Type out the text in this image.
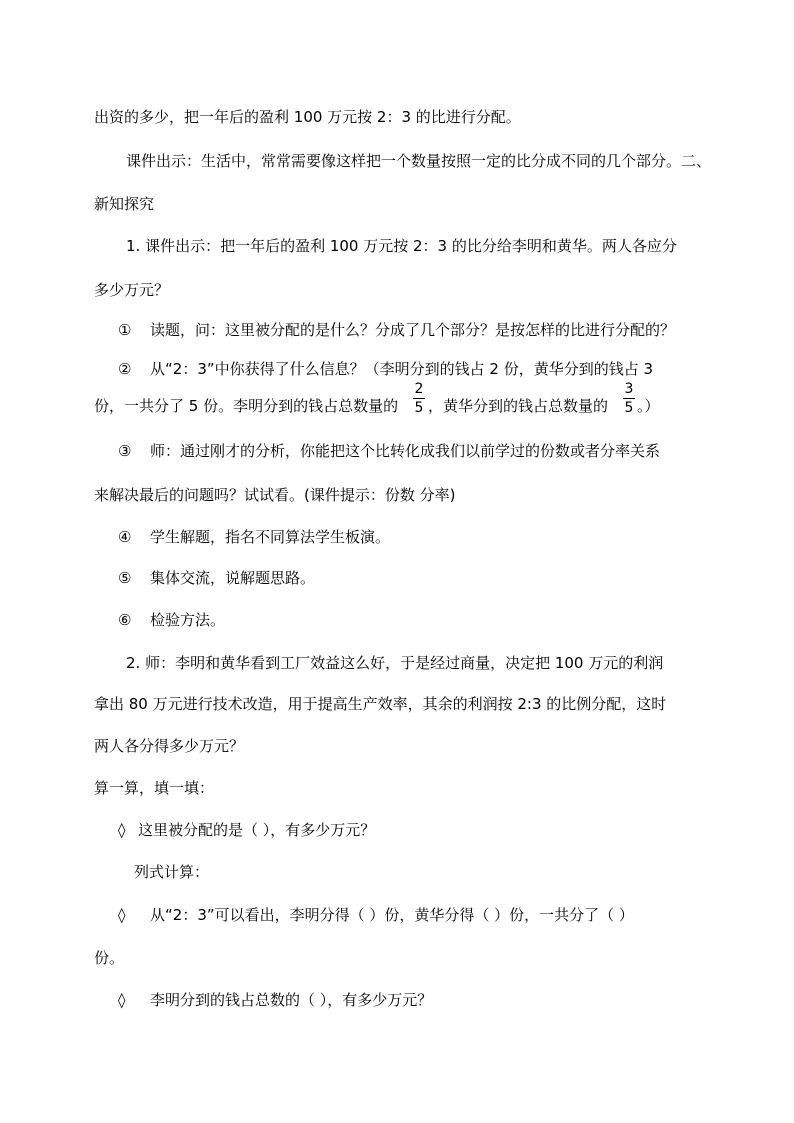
出资的多少，把一年后的盈利 100 万元按 2：3 的比进行分配。
课件出示：生活中，常常需要像这样把一个数量按照一定的比分成不同的几个部分。二、
新知探究
1. 课件出示：把一年后的盈利 100 万元按 2：3 的比分给李明和黄华。两人各应分
多少万元？
① 读题，问：这里被分配的是什么？分成了几个部分？是按怎样的比进行分配的？
② 从“2：3”中你获得了什么信息？（李明分到的钱占 2 份，黄华分到的钱占 3
份，一共分了 5 份。李明分到的钱占总数量的
2
5 ，黄华分到的钱占总数量的
3
5 。）
③ 师：通过刚才的分析，你能把这个比转化成我们以前学过的份数或者分率关系
来解决最后的问题吗？试试看。(课件提示：份数 分率)
④ 学生解题，指名不同算法学生板演。
⑤ 集体交流，说解题思路。
⑥ 检验方法。
2. 师：李明和黄华看到工厂效益这么好，于是经过商量，决定把 100 万元的利润
拿出 80 万元进行技术改造，用于提高生产效率，其余的利润按 2:3 的比例分配，这时
两人各分得多少万元？
算一算，填一填：
◊ 这里被分配的是（ ），有多少万元？
列式计算：
◊ 从“2：3”可以看出，李明分得（ ）份，黄华分得（ ）份，一共分了（ ）
份。
◊ 李明分到的钱占总数的（ ），有多少万元？
